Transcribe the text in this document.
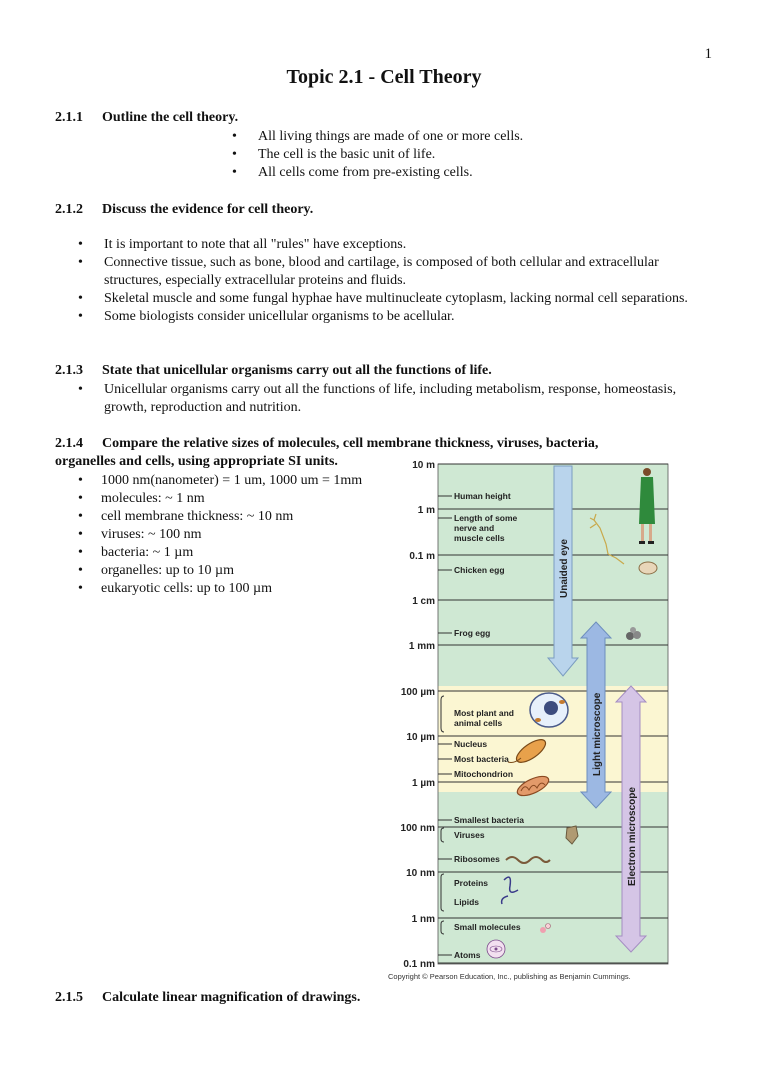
1
Topic 2.1 - Cell Theory
2.1.1 Outline the cell theory.
• All living things are made of one or more cells.
• The cell is the basic unit of life.
• All cells come from pre-existing cells.
2.1.2 Discuss the evidence for cell theory.
• It is important to note that all "rules" have exceptions.
• Connective tissue, such as bone, blood and cartilage, is composed of both cellular and extracellular structures, especially extracellular proteins and fluids.
• Skeletal muscle and some fungal hyphae have multinucleate cytoplasm, lacking normal cell separations.
• Some biologists consider unicellular organisms to be acellular.
2.1.3 State that unicellular organisms carry out all the functions of life.
• Unicellular organisms carry out all the functions of life, including metabolism, response, homeostasis, growth, reproduction and nutrition.
2.1.4 Compare the relative sizes of molecules, cell membrane thickness, viruses, bacteria,
organelles and cells, using appropriate SI units.
• 1000 nm(nanometer) = 1 um, 1000 um = 1mm
• molecules: ~ 1 nm
• cell membrane thickness: ~ 10 nm
• viruses: ~ 100 nm
• bacteria: ~ 1 µm
• organelles: up to 10 µm
• eukaryotic cells: up to 100 µm
10 m
1 m
0.1 m
1 cm
1 mm
100 µm
10 µm
1 µm
100 nm
10 nm
1 nm
0.1 nm
Human height
Length of some
nerve and
muscle cells
Chicken egg
Frog egg
Most plant and
animal cells
Nucleus
Most bacteria
Mitochondrion
Smallest bacteria
Viruses
Ribosomes
Proteins
Lipids
Small molecules
Atoms
Unaided eye
Light microscope
Electron microscope
Copyright © Pearson Education, Inc., publishing as Benjamin Cummings.
2.1.5 Calculate linear magnification of drawings.
